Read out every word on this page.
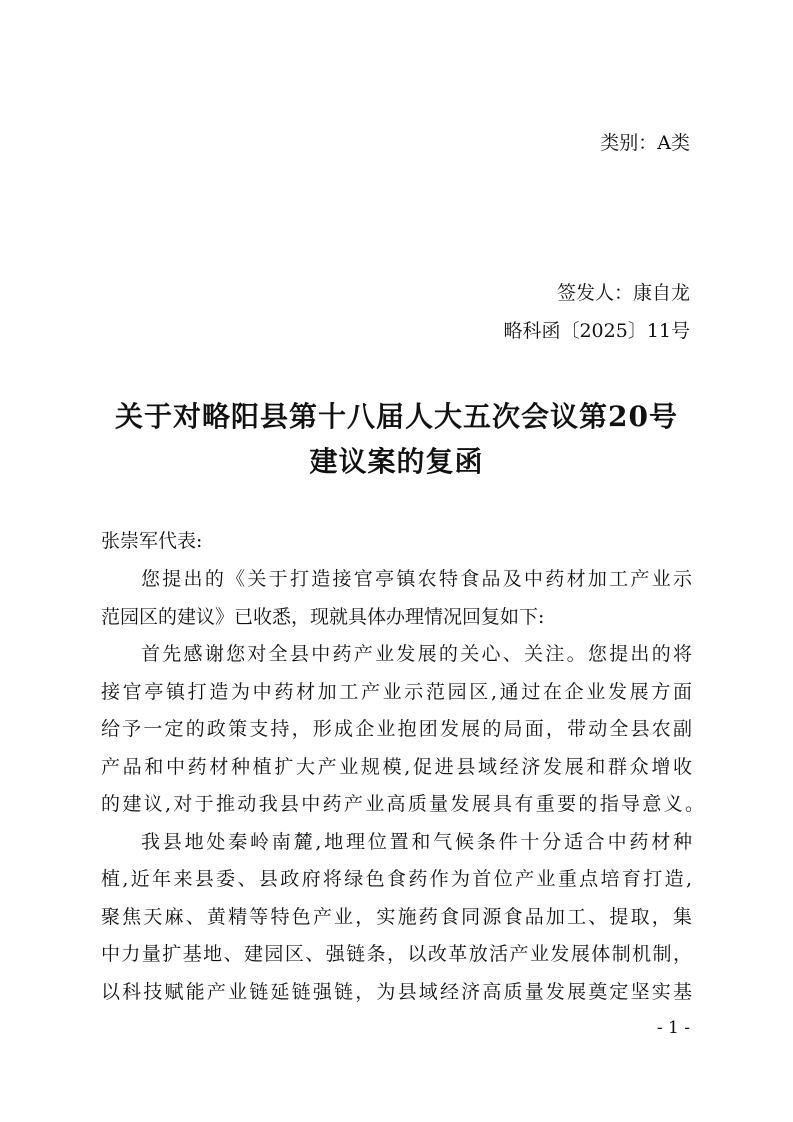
类别：A类
签发人：康自龙
略科函〔2025〕11号
关于对略阳县第十八届人大五次会议第20号
建议案的复函
张崇军代表:
您提出的《关于打造接官亭镇农特食品及中药材加工产业示
范园区的建议》已收悉，现就具体办理情况回复如下:
首先感谢您对全县中药产业发展的关心、关注。您提出的将
接官亭镇打造为中药材加工产业示范园区,通过在企业发展方面
给予一定的政策支持，形成企业抱团发展的局面，带动全县农副
产品和中药材种植扩大产业规模,促进县域经济发展和群众增收
的建议,对于推动我县中药产业高质量发展具有重要的指导意义。
我县地处秦岭南麓,地理位置和气候条件十分适合中药材种
植,近年来县委、县政府将绿色食药作为首位产业重点培育打造,
聚焦天麻、黄精等特色产业，实施药食同源食品加工、提取，集
中力量扩基地、建园区、强链条，以改革放活产业发展体制机制，
以科技赋能产业链延链强链，为县域经济高质量发展奠定坚实基
- 1 -
